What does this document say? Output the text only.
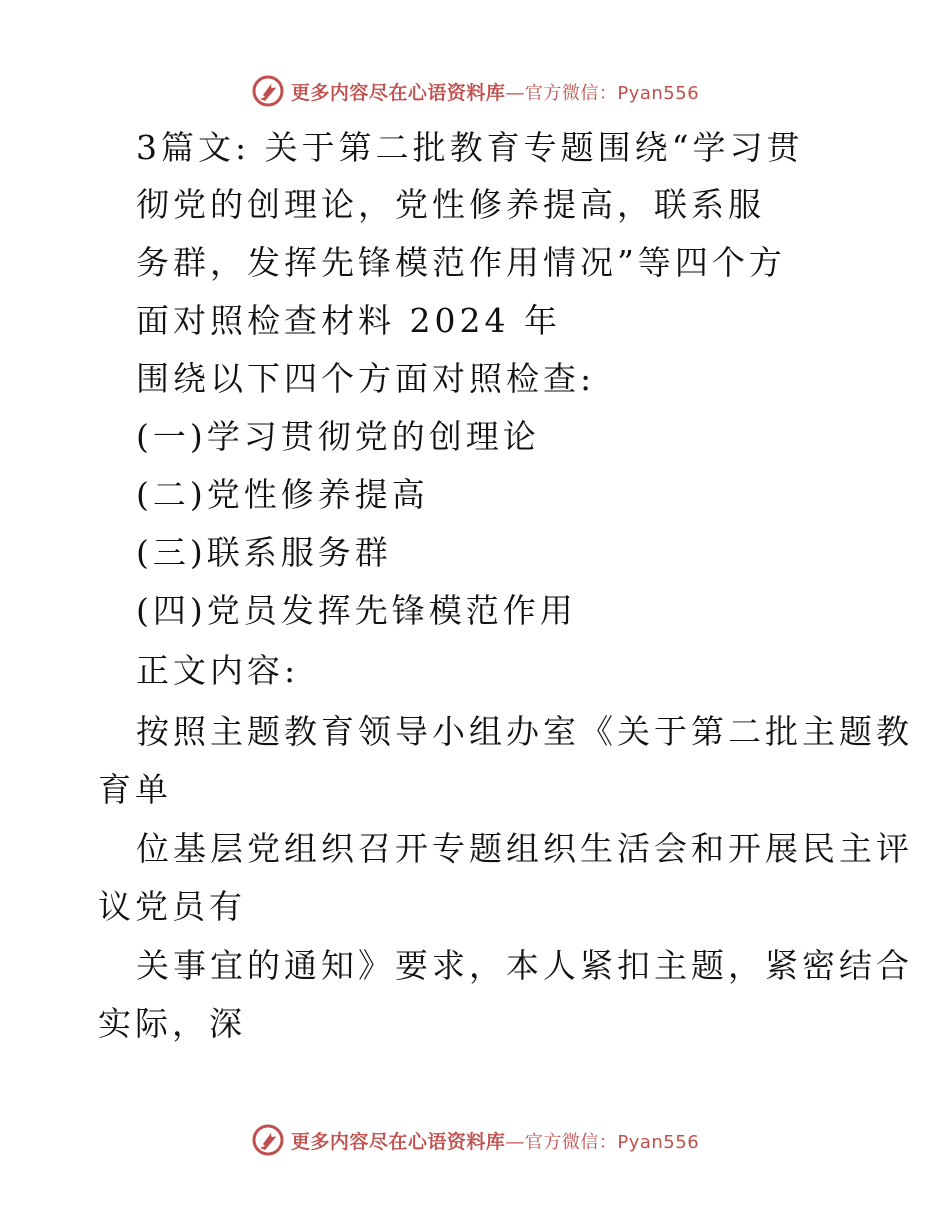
更多内容尽在心语资料库—官方微信：Pyan556
3篇文: 关于第二批教育专题围绕“学习贯
彻党的创理论，党性修养提高，联系服
务群，发挥先锋模范作用情况”等四个方
面对照检查材料 2024 年
围绕以下四个方面对照检查:
(一)学习贯彻党的创理论
(二)党性修养提高
(三)联系服务群
(四)党员发挥先锋模范作用
正文内容:
按照主题教育领导小组办室《关于第二批主题教
育单
位基层党组织召开专题组织生活会和开展民主评
议党员有
关事宜的通知》要求，本人紧扣主题，紧密结合
实际，深
更多内容尽在心语资料库—官方微信：Pyan556
